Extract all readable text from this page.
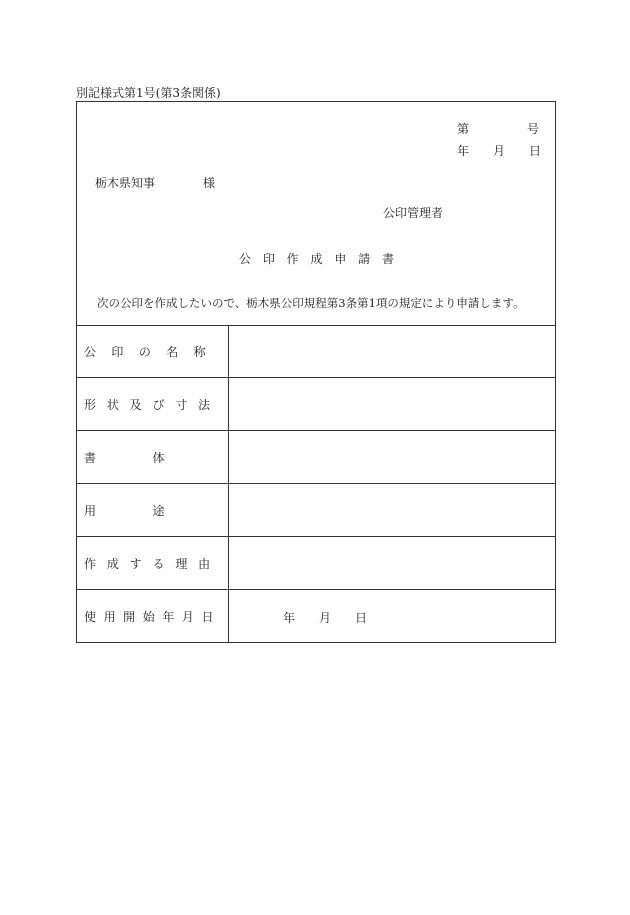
別記様式第1号(第3条関係)
第	号
年 月 日
栃木県知事	様
公印管理者
公 印 作 成 申 請 書
次の公印を作成したいので、栃木県公印規程第3条第1項の規定により申請します。
公	印	の	名	称
形 状 及 び 寸 法
書	体
用	途
作 成 す る 理 由
使 用 開 始 年 月 日	年 月 日
